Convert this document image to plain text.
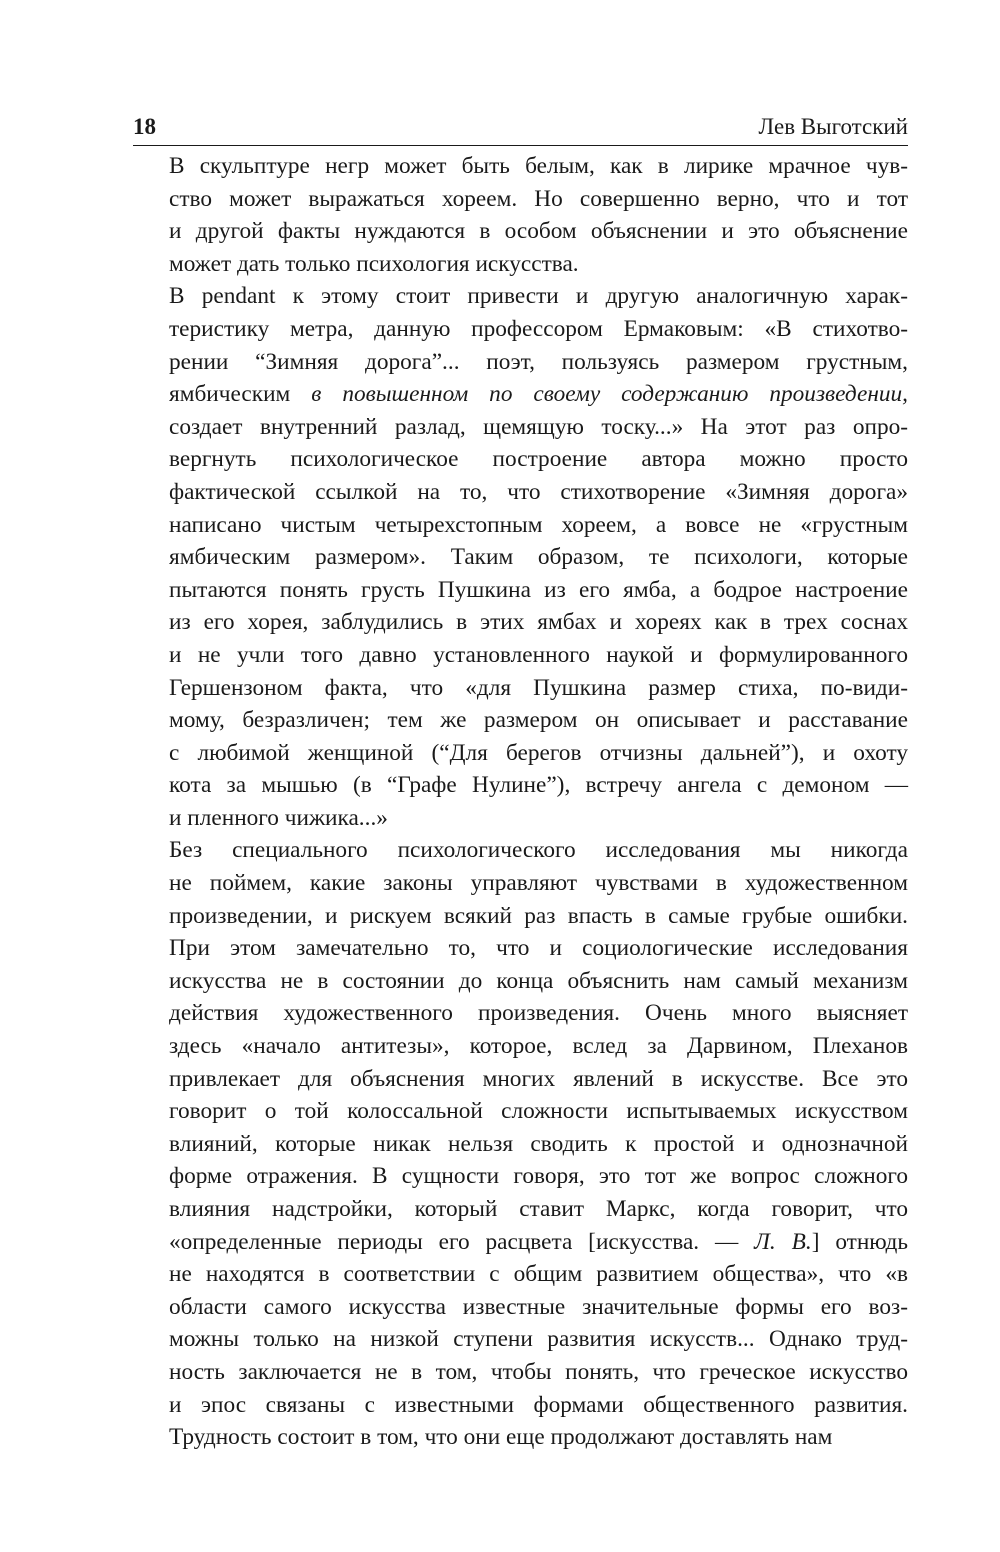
18	Лев Выготский
В скульптуре негр может быть белым, как в лирике мрачное чув-
ство может выражаться хореем. Но совершенно верно, что и тот
и другой факты нуждаются в особом объяснении и это объяснение
может дать только психология искусства.
В pendant к этому стоит привести и другую аналогичную харак-
теристику метра, данную профессором Ермаковым: «В стихотво-
рении “Зимняя дорога”... поэт, пользуясь размером грустным,
ямбическим в повышенном по своему содержанию произведении,
создает внутренний разлад, щемящую тоску...» На этот раз опро-
вергнуть психологическое построение автора можно просто
фактической ссылкой на то, что стихотворение «Зимняя дорога»
написано чистым четырехстопным хореем, а вовсе не «грустным
ямбическим размером». Таким образом, те психологи, которые
пытаются понять грусть Пушкина из его ямба, а бодрое настроение
из его хорея, заблудились в этих ямбах и хореях как в трех соснах
и не учли того давно установленного наукой и формулированного
Гершензоном факта, что «для Пушкина размер стиха, по-види-
мому, безразличен; тем же размером он описывает и расставание
с любимой женщиной (“Для берегов отчизны дальней”), и охоту
кота за мышью (в “Графе Нулине”), встречу ангела с демоном —
и пленного чижика...»
Без специального психологического исследования мы никогда
не поймем, какие законы управляют чувствами в художественном
произведении, и рискуем всякий раз впасть в самые грубые ошибки.
При этом замечательно то, что и социологические исследования
искусства не в состоянии до конца объяснить нам самый механизм
действия художественного произведения. Очень много выясняет
здесь «начало антитезы», которое, вслед за Дарвином, Плеханов
привлекает для объяснения многих явлений в искусстве. Все это
говорит о той колоссальной сложности испытываемых искусством
влияний, которые никак нельзя сводить к простой и однозначной
форме отражения. В сущности говоря, это тот же вопрос сложного
влияния надстройки, который ставит Маркс, когда говорит, что
«определенные периоды его расцвета [искусства. — Л. В.] отнюдь
не находятся в соответствии с общим развитием общества», что «в
области самого искусства известные значительные формы его воз-
можны только на низкой ступени развития искусств... Однако труд-
ность заключается не в том, чтобы понять, что греческое искусство
и эпос связаны с известными формами общественного развития.
Трудность состоит в том, что они еще продолжают доставлять нам
